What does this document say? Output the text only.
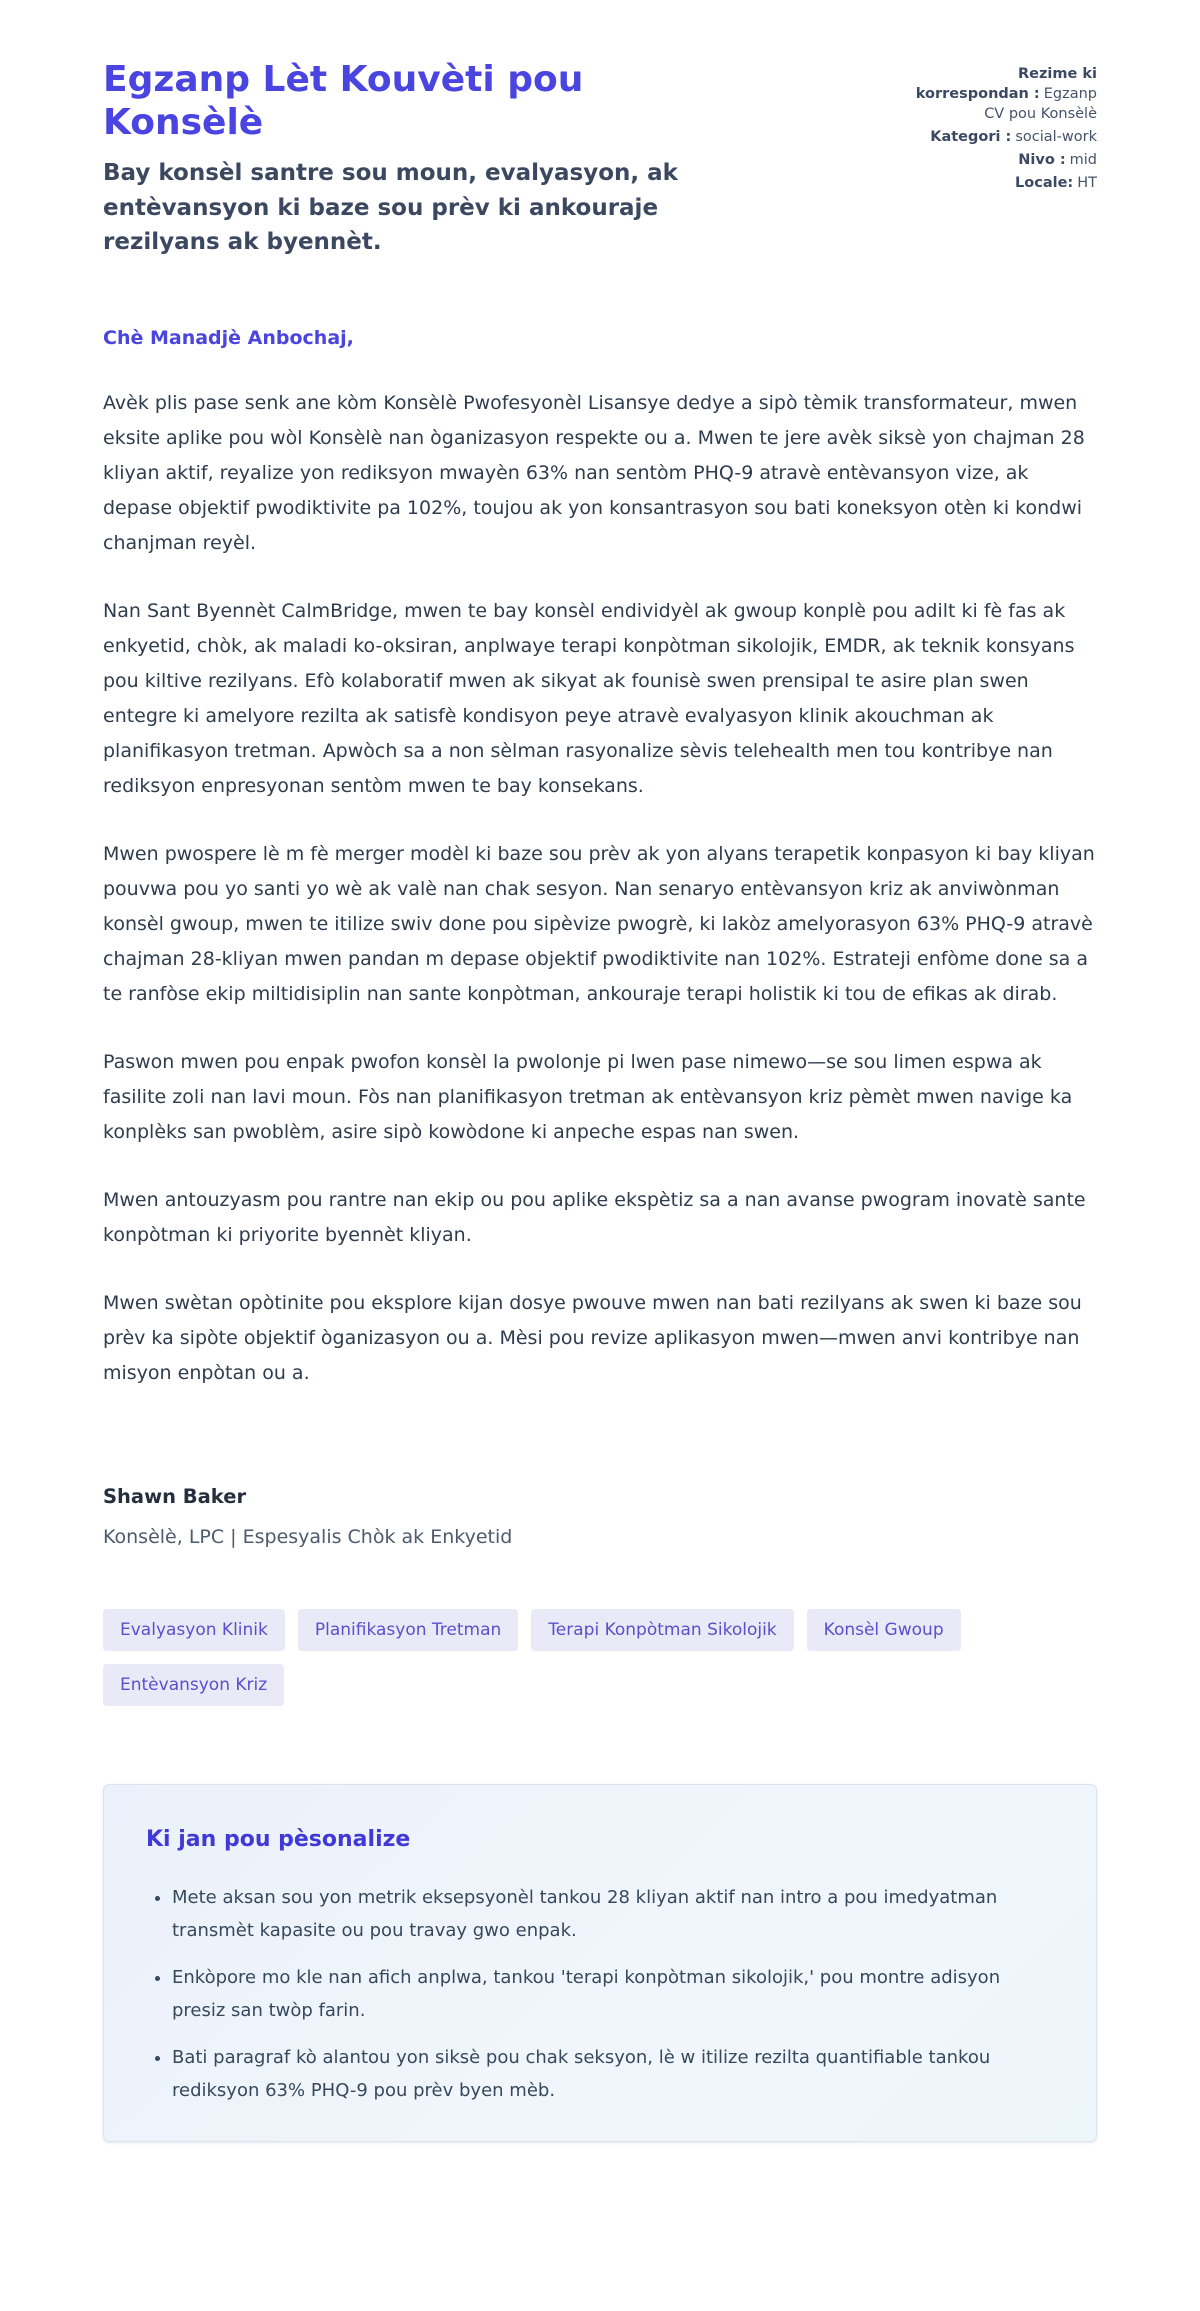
Egzanp Lèt Kouvèti pou Konsèlè

Bay konsèl santre sou moun, evalyasyon, ak entèvansyon ki baze sou prèv ki ankouraje rezilyans ak byennèt.

Rezime ki korrespondan : Egzanp CV pou Konsèlè
Kategori : social-work
Nivo : mid
Locale: HT

Chè Manadjè Anbochaj,

Avèk plis pase senk ane kòm Konsèlè Pwofesyonèl Lisansye dedye a sipò tèmik transformateur, mwen eksite aplike pou wòl Konsèlè nan òganizasyon respekte ou a. Mwen te jere avèk siksè yon chajman 28 kliyan aktif, reyalize yon rediksyon mwayèn 63% nan sentòm PHQ-9 atravè entèvansyon vize, ak depase objektif pwodiktivite pa 102%, toujou ak yon konsantrasyon sou bati koneksyon otèn ki kondwi chanjman reyèl.

Nan Sant Byennèt CalmBridge, mwen te bay konsèl endividyèl ak gwoup konplè pou adilt ki fè fas ak enkyetid, chòk, ak maladi ko-oksiran, anplwaye terapi konpòtman sikolojik, EMDR, ak teknik konsyans pou kiltive rezilyans. Efò kolaboratif mwen ak sikyat ak founisè swen prensipal te asire plan swen entegre ki amelyore rezilta ak satisfè kondisyon peye atravè evalyasyon klinik akouchman ak planifikasyon tretman. Apwòch sa a non sèlman rasyonalize sèvis telehealth men tou kontribye nan rediksyon enpresyonan sentòm mwen te bay konsekans.

Mwen pwospere lè m fè merger modèl ki baze sou prèv ak yon alyans terapetik konpasyon ki bay kliyan pouvwa pou yo santi yo wè ak valè nan chak sesyon. Nan senaryo entèvansyon kriz ak anviwònman konsèl gwoup, mwen te itilize swiv done pou sipèvize pwogrè, ki lakòz amelyorasyon 63% PHQ-9 atravè chajman 28-kliyan mwen pandan m depase objektif pwodiktivite nan 102%. Estrateji enfòme done sa a te ranfòse ekip miltidisiplin nan sante konpòtman, ankouraje terapi holistik ki tou de efikas ak dirab.

Paswon mwen pou enpak pwofon konsèl la pwolonje pi lwen pase nimewo—se sou limen espwa ak fasilite zoli nan lavi moun. Fòs nan planifikasyon tretman ak entèvansyon kriz pèmèt mwen navige ka konplèks san pwoblèm, asire sipò kowòdone ki anpeche espas nan swen.

Mwen antouzyasm pou rantre nan ekip ou pou aplike ekspètiz sa a nan avanse pwogram inovatè sante konpòtman ki priyorite byennèt kliyan.

Mwen swètan opòtinite pou eksplore kijan dosye pwouve mwen nan bati rezilyans ak swen ki baze sou prèv ka sipòte objektif òganizasyon ou a. Mèsi pou revize aplikasyon mwen—mwen anvi kontribye nan misyon enpòtan ou a.

Shawn Baker

Konsèlè, LPC | Espesyalis Chòk ak Enkyetid

Evalyasyon Klinik	Planifikasyon Tretman	Terapi Konpòtman Sikolojik	Konsèl Gwoup
Entèvansyon Kriz
Ki jan pou pèsonalize
• Mete aksan sou yon metrik eksepsyonèl tankou 28 kliyan aktif nan intro a pou imedyatman transmèt kapasite ou pou travay gwo enpak.
• Enkòpore mo kle nan afich anplwa, tankou 'terapi konpòtman sikolojik,' pou montre adisyon presiz san twòp farin.
• Bati paragraf kò alantou yon siksè pou chak seksyon, lè w itilize rezilta quantifiable tankou rediksyon 63% PHQ-9 pou prèv byen mèb.
